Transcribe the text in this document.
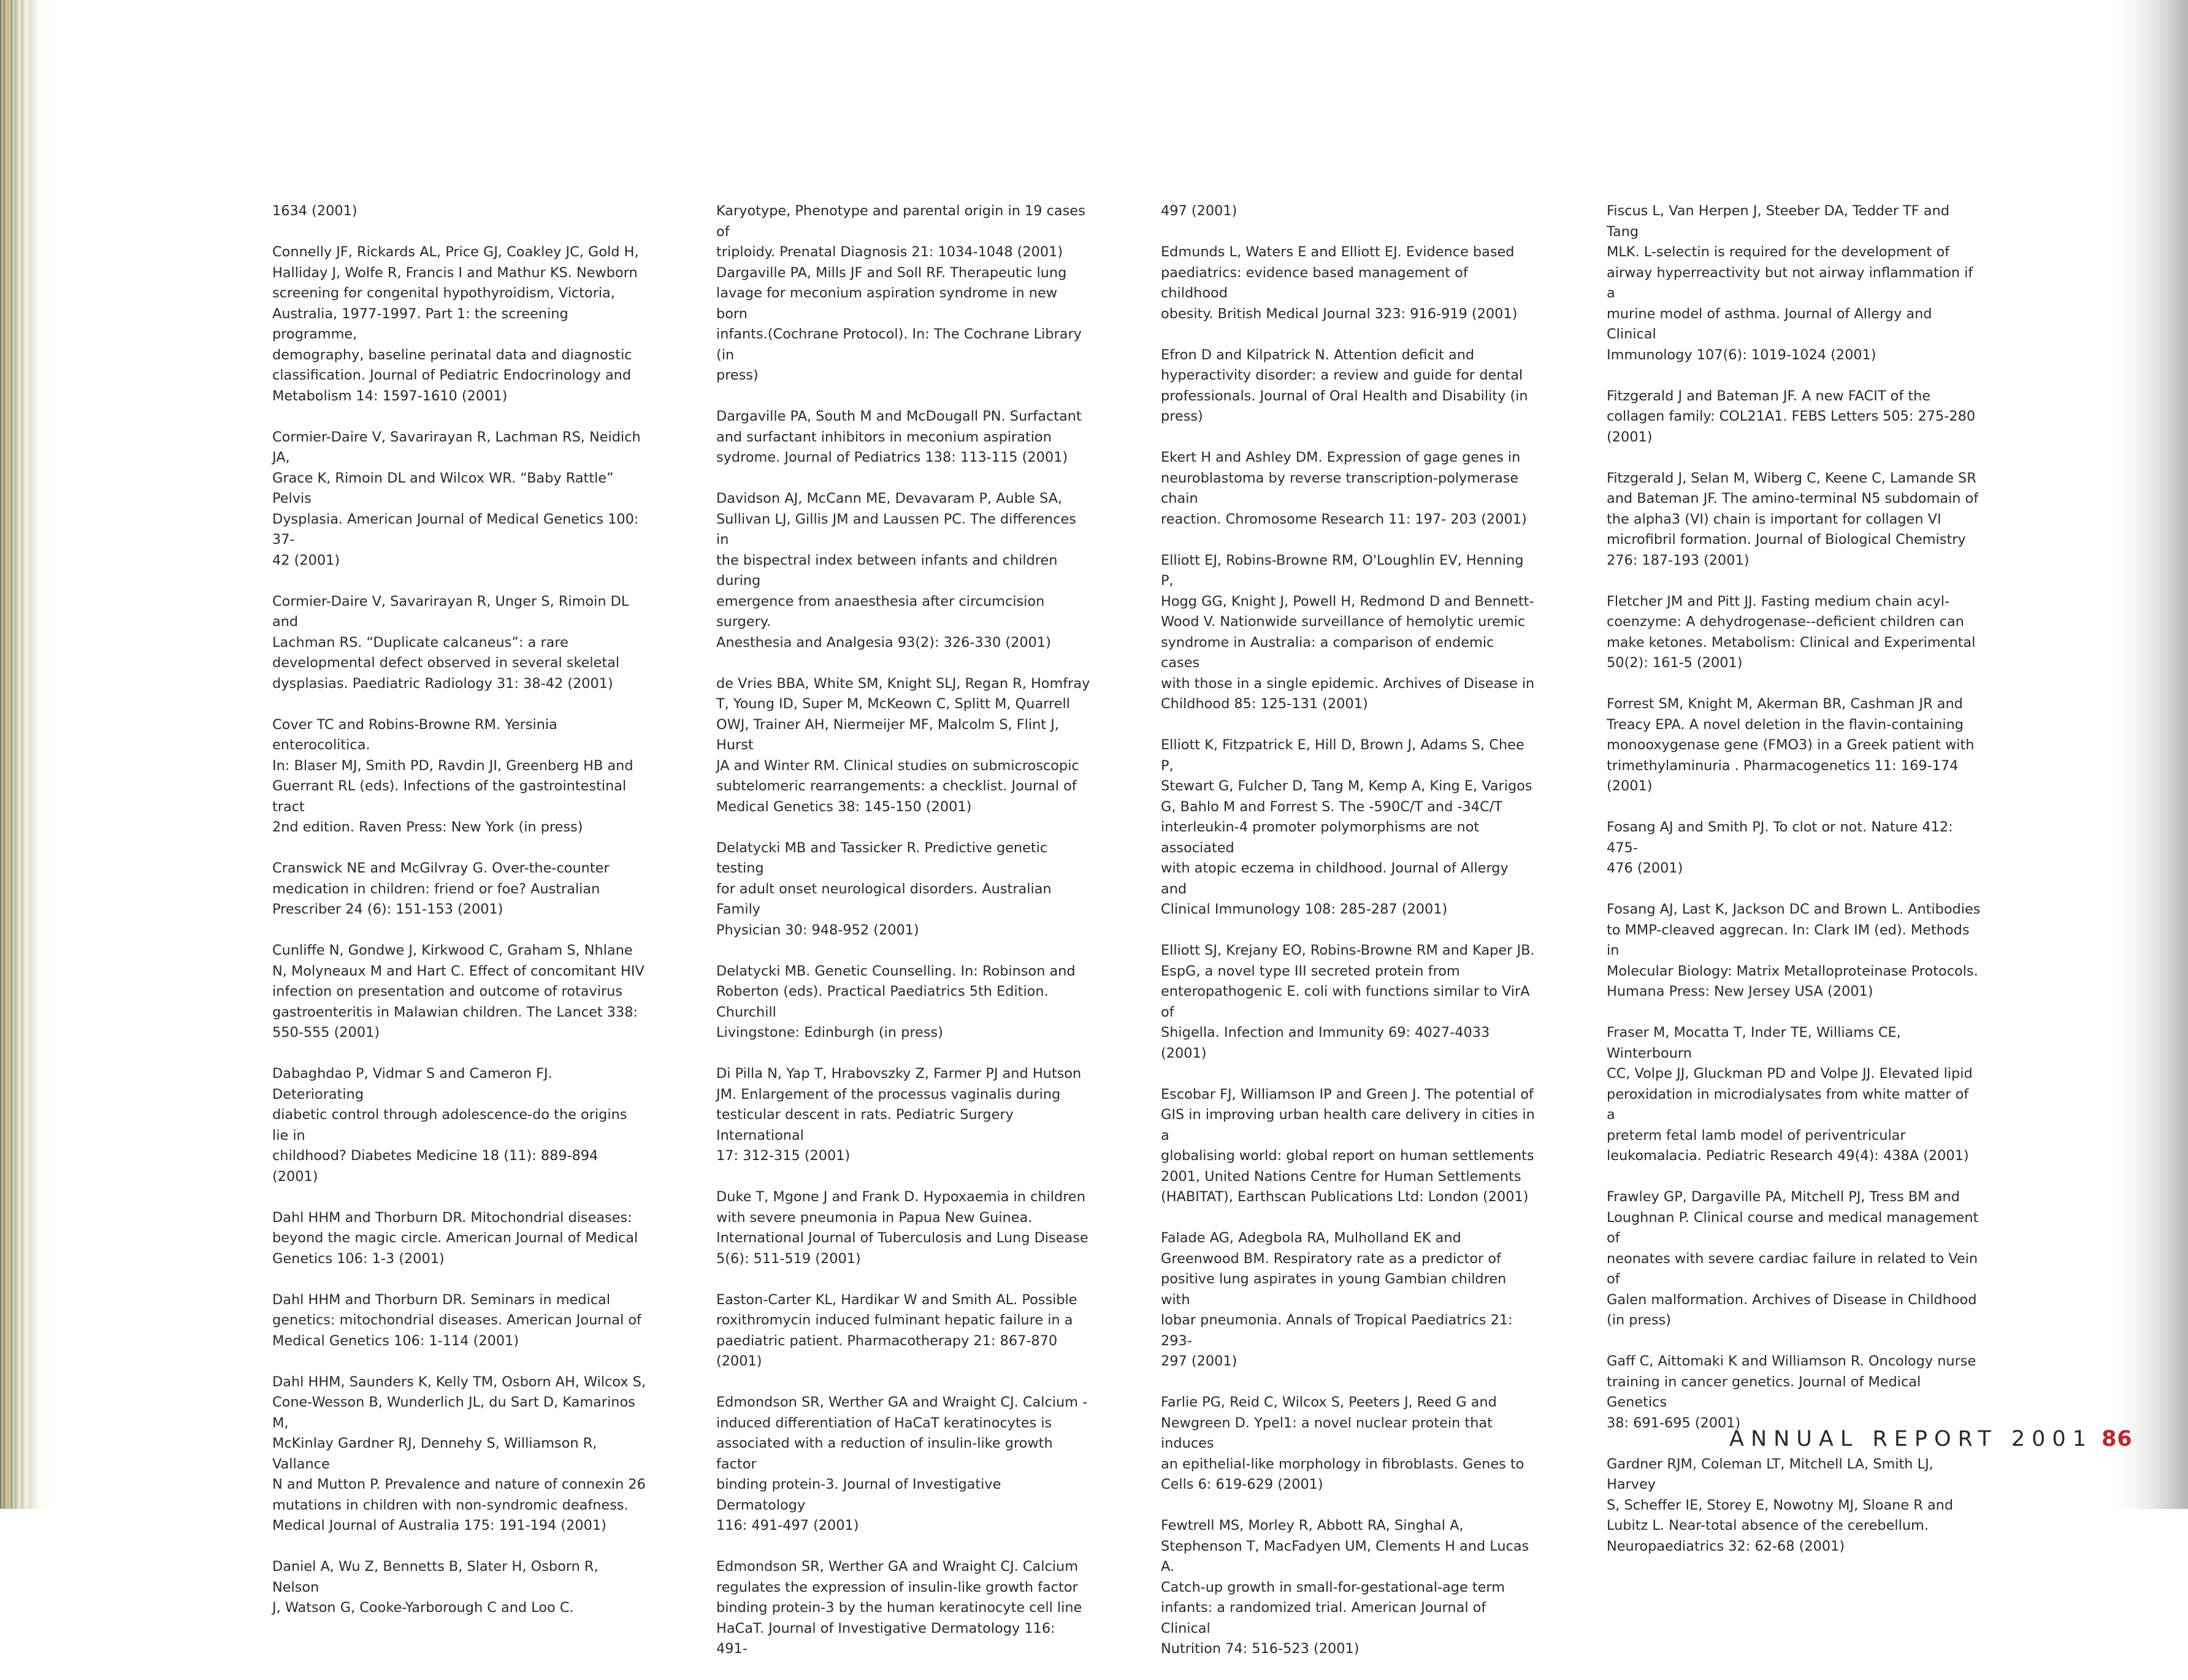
1634 (2001)

Connelly JF, Rickards AL, Price GJ, Coakley JC, Gold H,
Halliday J, Wolfe R, Francis I and Mathur KS. Newborn
screening for congenital hypothyroidism, Victoria,
Australia, 1977-1997. Part 1: the screening programme,
demography, baseline perinatal data and diagnostic
classification. Journal of Pediatric Endocrinology and
Metabolism 14: 1597-1610 (2001)

Cormier-Daire V, Savarirayan R, Lachman RS, Neidich JA,
Grace K, Rimoin DL and Wilcox WR. “Baby Rattle” Pelvis
Dysplasia. American Journal of Medical Genetics 100: 37-
42 (2001)

Cormier-Daire V, Savarirayan R, Unger S, Rimoin DL and
Lachman RS. “Duplicate calcaneus”: a rare
developmental defect observed in several skeletal
dysplasias. Paediatric Radiology 31: 38-42 (2001)

Cover TC and Robins-Browne RM. Yersinia enterocolitica.
In: Blaser MJ, Smith PD, Ravdin JI, Greenberg HB and
Guerrant RL (eds). Infections of the gastrointestinal tract
2nd edition. Raven Press: New York (in press)

Cranswick NE and McGilvray G. Over-the-counter
medication in children: friend or foe? Australian
Prescriber 24 (6): 151-153 (2001)

Cunliffe N, Gondwe J, Kirkwood C, Graham S, Nhlane
N, Molyneaux M and Hart C. Effect of concomitant HIV
infection on presentation and outcome of rotavirus
gastroenteritis in Malawian children. The Lancet 338:
550-555 (2001)

Dabaghdao P, Vidmar S and Cameron FJ. Deteriorating
diabetic control through adolescence-do the origins lie in
childhood? Diabetes Medicine 18 (11): 889-894 (2001)

Dahl HHM and Thorburn DR. Mitochondrial diseases:
beyond the magic circle. American Journal of Medical
Genetics 106: 1-3 (2001)

Dahl HHM and Thorburn DR. Seminars in medical
genetics: mitochondrial diseases. American Journal of
Medical Genetics 106: 1-114 (2001)

Dahl HHM, Saunders K, Kelly TM, Osborn AH, Wilcox S,
Cone-Wesson B, Wunderlich JL, du Sart D, Kamarinos M,
McKinlay Gardner RJ, Dennehy S, Williamson R, Vallance
N and Mutton P. Prevalence and nature of connexin 26
mutations in children with non-syndromic deafness.
Medical Journal of Australia 175: 191-194 (2001)

Daniel A, Wu Z, Bennetts B, Slater H, Osborn R, Nelson
J, Watson G, Cooke-Yarborough C and Loo C.

Karyotype, Phenotype and parental origin in 19 cases of
triploidy. Prenatal Diagnosis 21: 1034-1048 (2001)
Dargaville PA, Mills JF and Soll RF. Therapeutic lung
lavage for meconium aspiration syndrome in new born
infants.(Cochrane Protocol). In: The Cochrane Library (in
press)

Dargaville PA, South M and McDougall PN. Surfactant
and surfactant inhibitors in meconium aspiration
sydrome. Journal of Pediatrics 138: 113-115 (2001)

Davidson AJ, McCann ME, Devavaram P, Auble SA,
Sullivan LJ, Gillis JM and Laussen PC. The differences in
the bispectral index between infants and children during
emergence from anaesthesia after circumcision surgery.
Anesthesia and Analgesia 93(2): 326-330 (2001)

de Vries BBA, White SM, Knight SLJ, Regan R, Homfray
T, Young ID, Super M, McKeown C, Splitt M, Quarrell
OWJ, Trainer AH, Niermeijer MF, Malcolm S, Flint J, Hurst
JA and Winter RM. Clinical studies on submicroscopic
subtelomeric rearrangements: a checklist. Journal of
Medical Genetics 38: 145-150 (2001)

Delatycki MB and Tassicker R. Predictive genetic testing
for adult onset neurological disorders. Australian Family
Physician 30: 948-952 (2001)

Delatycki MB. Genetic Counselling. In: Robinson and
Roberton (eds). Practical Paediatrics 5th Edition. Churchill
Livingstone: Edinburgh (in press)

Di Pilla N, Yap T, Hrabovszky Z, Farmer PJ and Hutson
JM. Enlargement of the processus vaginalis during
testicular descent in rats. Pediatric Surgery International
17: 312-315 (2001)

Duke T, Mgone J and Frank D. Hypoxaemia in children
with severe pneumonia in Papua New Guinea.
International Journal of Tuberculosis and Lung Disease
5(6): 511-519 (2001)

Easton-Carter KL, Hardikar W and Smith AL. Possible
roxithromycin induced fulminant hepatic failure in a
paediatric patient. Pharmacotherapy 21: 867-870 (2001)

Edmondson SR, Werther GA and Wraight CJ. Calcium -
induced differentiation of HaCaT keratinocytes is
associated with a reduction of insulin-like growth factor
binding protein-3. Journal of Investigative Dermatology
116: 491-497 (2001)

Edmondson SR, Werther GA and Wraight CJ. Calcium
regulates the expression of insulin-like growth factor
binding protein-3 by the human keratinocyte cell line
HaCaT. Journal of Investigative Dermatology 116: 491-

497 (2001)

Edmunds L, Waters E and Elliott EJ. Evidence based
paediatrics: evidence based management of childhood
obesity. British Medical Journal 323: 916-919 (2001)

Efron D and Kilpatrick N. Attention deficit and
hyperactivity disorder: a review and guide for dental
professionals. Journal of Oral Health and Disability (in
press)

Ekert H and Ashley DM. Expression of gage genes in
neuroblastoma by reverse transcription-polymerase chain
reaction. Chromosome Research 11: 197- 203 (2001)

Elliott EJ, Robins-Browne RM, O'Loughlin EV, Henning P,
Hogg GG, Knight J, Powell H, Redmond D and Bennett-
Wood V. Nationwide surveillance of hemolytic uremic
syndrome in Australia: a comparison of endemic cases
with those in a single epidemic. Archives of Disease in
Childhood 85: 125-131 (2001)

Elliott K, Fitzpatrick E, Hill D, Brown J, Adams S, Chee P,
Stewart G, Fulcher D, Tang M, Kemp A, King E, Varigos
G, Bahlo M and Forrest S. The -590C/T and -34C/T
interleukin-4 promoter polymorphisms are not associated
with atopic eczema in childhood. Journal of Allergy and
Clinical Immunology 108: 285-287 (2001)

Elliott SJ, Krejany EO, Robins-Browne RM and Kaper JB.
EspG, a novel type III secreted protein from
enteropathogenic E. coli with functions similar to VirA of
Shigella. Infection and Immunity 69: 4027-4033 (2001)

Escobar FJ, Williamson IP and Green J. The potential of
GIS in improving urban health care delivery in cities in a
globalising world: global report on human settlements
2001, United Nations Centre for Human Settlements
(HABITAT), Earthscan Publications Ltd: London (2001)

Falade AG, Adegbola RA, Mulholland EK and
Greenwood BM. Respiratory rate as a predictor of
positive lung aspirates in young Gambian children with
lobar pneumonia. Annals of Tropical Paediatrics 21: 293-
297 (2001)

Farlie PG, Reid C, Wilcox S, Peeters J, Reed G and
Newgreen D. Ypel1: a novel nuclear protein that induces
an epithelial-like morphology in fibroblasts. Genes to
Cells 6: 619-629 (2001)

Fewtrell MS, Morley R, Abbott RA, Singhal A,
Stephenson T, MacFadyen UM, Clements H and Lucas A.
Catch-up growth in small-for-gestational-age term
infants: a randomized trial. American Journal of Clinical
Nutrition 74: 516-523 (2001)

Fiscus L, Van Herpen J, Steeber DA, Tedder TF and Tang
MLK. L-selectin is required for the development of
airway hyperreactivity but not airway inflammation if a
murine model of asthma. Journal of Allergy and Clinical
Immunology 107(6): 1019-1024 (2001)

Fitzgerald J and Bateman JF. A new FACIT of the
collagen family: COL21A1. FEBS Letters 505: 275-280
(2001)

Fitzgerald J, Selan M, Wiberg C, Keene C, Lamande SR
and Bateman JF. The amino-terminal N5 subdomain of
the alpha3 (VI) chain is important for collagen VI
microfibril formation. Journal of Biological Chemistry
276: 187-193 (2001)

Fletcher JM and Pitt JJ. Fasting medium chain acyl-
coenzyme: A dehydrogenase--deficient children can
make ketones. Metabolism: Clinical and Experimental
50(2): 161-5 (2001)

Forrest SM, Knight M, Akerman BR, Cashman JR and
Treacy EPA. A novel deletion in the flavin-containing
monooxygenase gene (FMO3) in a Greek patient with
trimethylaminuria . Pharmacogenetics 11: 169-174
(2001)

Fosang AJ and Smith PJ. To clot or not. Nature 412: 475-
476 (2001)

Fosang AJ, Last K, Jackson DC and Brown L. Antibodies
to MMP-cleaved aggrecan. In: Clark IM (ed). Methods in
Molecular Biology: Matrix Metalloproteinase Protocols.
Humana Press: New Jersey USA (2001)

Fraser M, Mocatta T, Inder TE, Williams CE, Winterbourn
CC, Volpe JJ, Gluckman PD and Volpe JJ. Elevated lipid
peroxidation in microdialysates from white matter of a
preterm fetal lamb model of periventricular
leukomalacia. Pediatric Research 49(4): 438A (2001)

Frawley GP, Dargaville PA, Mitchell PJ, Tress BM and
Loughnan P. Clinical course and medical management of
neonates with severe cardiac failure in related to Vein of
Galen malformation. Archives of Disease in Childhood
(in press)

Gaff C, Aittomaki K and Williamson R. Oncology nurse
training in cancer genetics. Journal of Medical Genetics
38: 691-695 (2001)

Gardner RJM, Coleman LT, Mitchell LA, Smith LJ, Harvey
S, Scheffer IE, Storey E, Nowotny MJ, Sloane R and
Lubitz L. Near-total absence of the cerebellum.
Neuropaediatrics 32: 62-68 (2001)

ANNUAL REPORT 2001 86
